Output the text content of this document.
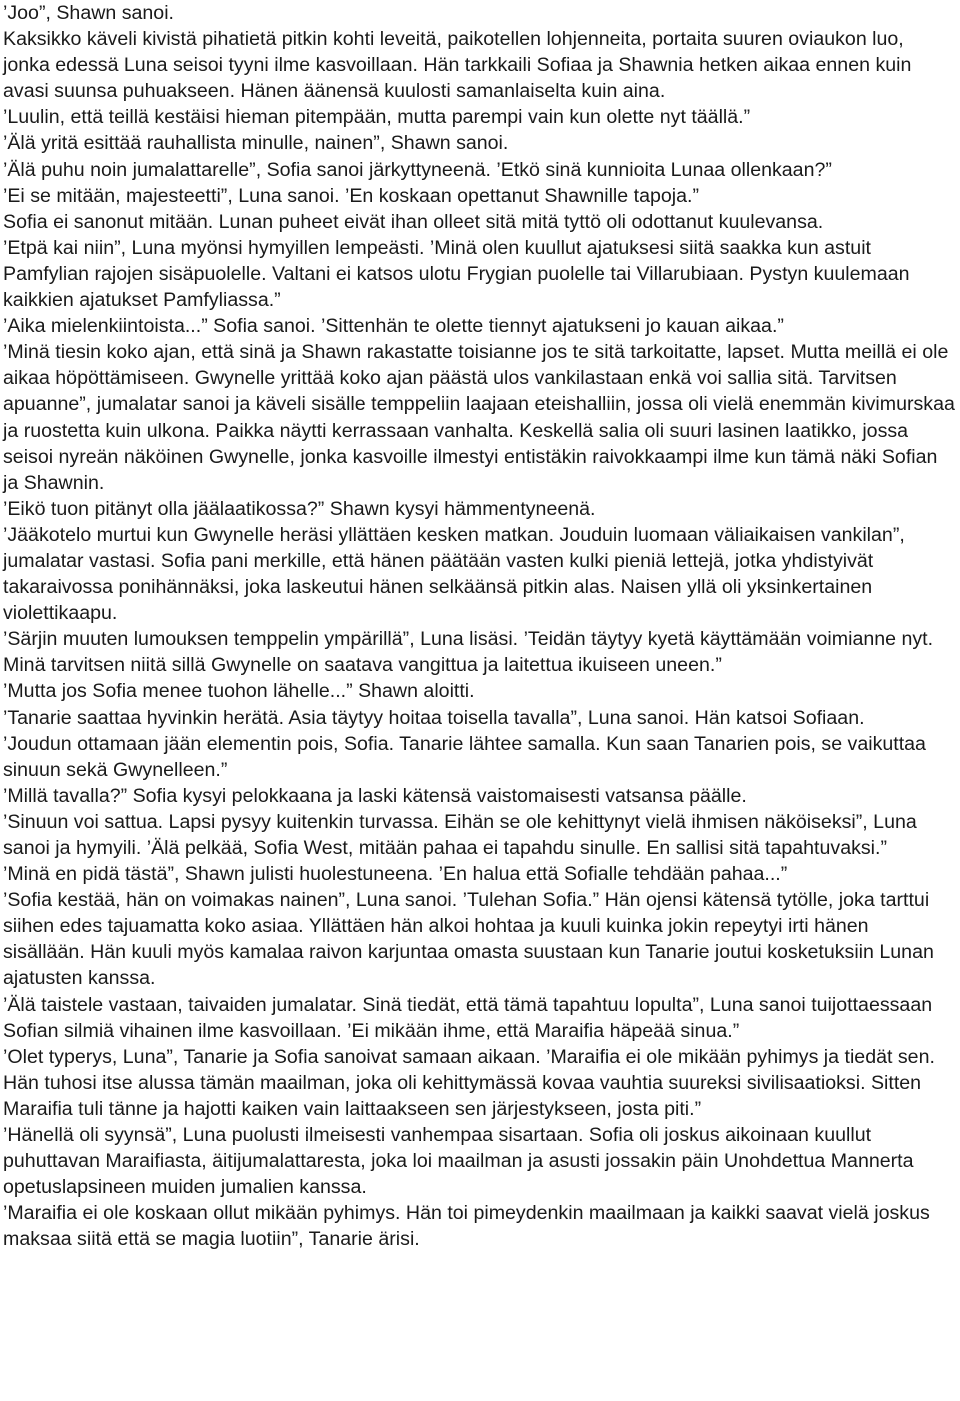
’Joo”, Shawn sanoi.

Kaksikko käveli kivistä pihatietä pitkin kohti leveitä, paikotellen lohjenneita, portaita suuren oviaukon luo, jonka edessä Luna seisoi tyyni ilme kasvoillaan. Hän tarkkaili Sofiaa ja Shawnia hetken aikaa ennen kuin avasi suunsa puhuakseen. Hänen äänensä kuulosti samanlaiselta kuin aina.

’Luulin, että teillä kestäisi hieman pitempään, mutta parempi vain kun olette nyt täällä.”

’Älä yritä esittää rauhallista minulle, nainen”, Shawn sanoi.

’Älä puhu noin jumalattarelle”, Sofia sanoi järkyttyneenä. ’Etkö sinä kunnioita Lunaa ollenkaan?”

’Ei se mitään, majesteetti”, Luna sanoi. ’En koskaan opettanut Shawnille tapoja.”

Sofia ei sanonut mitään. Lunan puheet eivät ihan olleet sitä mitä tyttö oli odottanut kuulevansa.

’Etpä kai niin”, Luna myönsi hymyillen lempeästi. ’Minä olen kuullut ajatuksesi siitä saakka kun astuit Pamfylian rajojen sisäpuolelle. Valtani ei katsos ulotu Frygian puolelle tai Villarubiaan. Pystyn kuulemaan kaikkien ajatukset Pamfyliassa.”

’Aika mielenkiintoista...” Sofia sanoi. ’Sittenhän te olette tiennyt ajatukseni jo kauan aikaa.”

’Minä tiesin koko ajan, että sinä ja Shawn rakastatte toisianne jos te sitä tarkoitatte, lapset. Mutta meillä ei ole aikaa höpöttämiseen. Gwynelle yrittää koko ajan päästä ulos vankilastaan enkä voi sallia sitä. Tarvitsen apuanne”, jumalatar sanoi ja käveli sisälle temppeliin laajaan eteishalliin, jossa oli vielä enemmän kivimurskaa ja ruostetta kuin ulkona. Paikka näytti kerrassaan vanhalta. Keskellä salia oli suuri lasinen laatikko, jossa seisoi nyreän näköinen Gwynelle, jonka kasvoille ilmestyi entistäkin raivokkaampi ilme kun tämä näki Sofian ja Shawnin.

’Eikö tuon pitänyt olla jäälaatikossa?” Shawn kysyi hämmentyneenä.

’Jääkotelo murtui kun Gwynelle heräsi yllättäen kesken matkan. Jouduin luomaan väliaikaisen vankilan”, jumalatar vastasi. Sofia pani merkille, että hänen päätään vasten kulki pieniä lettejä, jotka yhdistyivät takaraivossa ponihännäksi, joka laskeutui hänen selkäänsä pitkin alas. Naisen yllä oli yksinkertainen violettikaapu.

’Särjin muuten lumouksen temppelin ympärillä”, Luna lisäsi. ’Teidän täytyy kyetä käyttämään voimianne nyt. Minä tarvitsen niitä sillä Gwynelle on saatava vangittua ja laitettua ikuiseen uneen.”

’Mutta jos Sofia menee tuohon lähelle...” Shawn aloitti.

’Tanarie saattaa hyvinkin herätä. Asia täytyy hoitaa toisella tavalla”, Luna sanoi. Hän katsoi Sofiaan.

’Joudun ottamaan jään elementin pois, Sofia. Tanarie lähtee samalla. Kun saan Tanarien pois, se vaikuttaa sinuun sekä Gwynelleen.”

’Millä tavalla?” Sofia kysyi pelokkaana ja laski kätensä vaistomaisesti vatsansa päälle.

’Sinuun voi sattua. Lapsi pysyy kuitenkin turvassa. Eihän se ole kehittynyt vielä ihmisen näköiseksi”, Luna sanoi ja hymyili. ’Älä pelkää, Sofia West, mitään pahaa ei tapahdu sinulle. En sallisi sitä tapahtuvaksi.”

’Minä en pidä tästä”, Shawn julisti huolestuneena. ’En halua että Sofialle tehdään pahaa...”

’Sofia kestää, hän on voimakas nainen”, Luna sanoi. ’Tulehan Sofia.” Hän ojensi kätensä tytölle, joka tarttui siihen edes tajuamatta koko asiaa. Yllättäen hän alkoi hohtaa ja kuuli kuinka jokin repeytyi irti hänen sisällään. Hän kuuli myös kamalaa raivon karjuntaa omasta suustaan kun Tanarie joutui kosketuksiin Lunan ajatusten kanssa.

’Älä taistele vastaan, taivaiden jumalatar. Sinä tiedät, että tämä tapahtuu lopulta”, Luna sanoi tuijottaessaan Sofian silmiä vihainen ilme kasvoillaan. ’Ei mikään ihme, että Maraifia häpeää sinua.”

’Olet typerys, Luna”, Tanarie ja Sofia sanoivat samaan aikaan. ’Maraifia ei ole mikään pyhimys ja tiedät sen. Hän tuhosi itse alussa tämän maailman, joka oli kehittymässä kovaa vauhtia suureksi sivilisaatioksi. Sitten Maraifia tuli tänne ja hajotti kaiken vain laittaakseen sen järjestykseen, josta piti.”

’Hänellä oli syynsä”, Luna puolusti ilmeisesti vanhempaa sisartaan. Sofia oli joskus aikoinaan kuullut puhuttavan Maraifiasta, äitijumalattaresta, joka loi maailman ja asusti jossakin päin Unohdettua Mannerta opetuslapsineen muiden jumalien kanssa.

’Maraifia ei ole koskaan ollut mikään pyhimys. Hän toi pimeydenkin maailmaan ja kaikki saavat vielä joskus maksaa siitä että se magia luotiin”, Tanarie ärisi.
